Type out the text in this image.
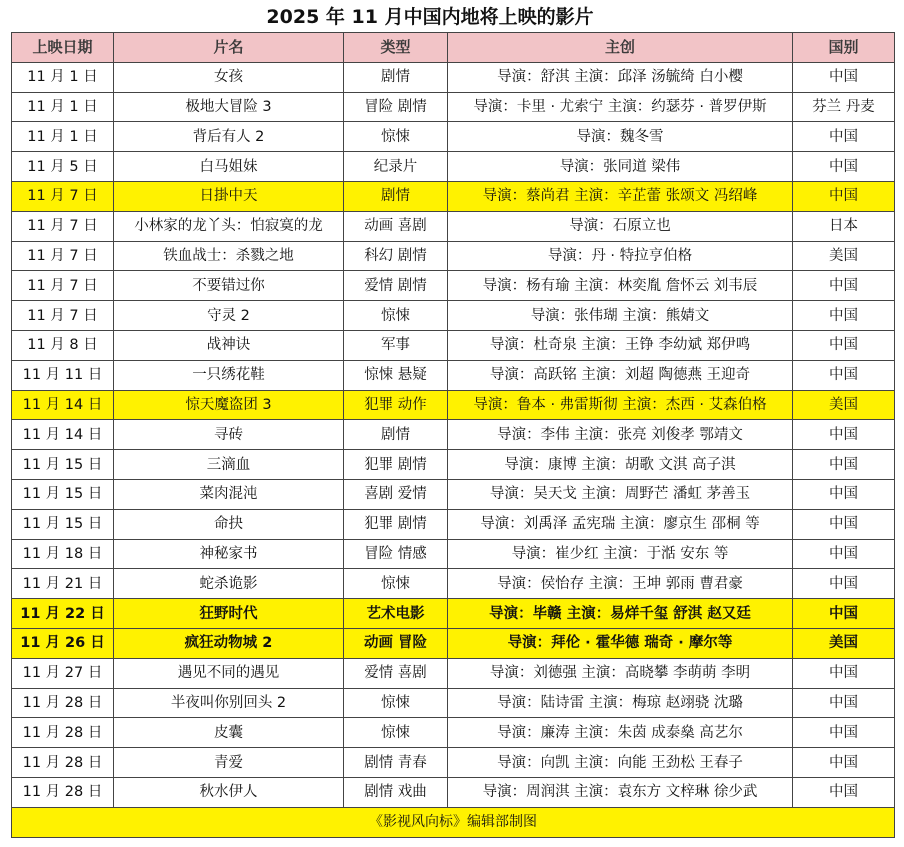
2025 年 11 月中国内地将上映的影片
上映日期	片名	类型	主创	国别
11 月 1 日	女孩	剧情	导演：舒淇 主演：邱泽 汤毓绮 白小樱	中国
11 月 1 日	极地大冒险 3	冒险 剧情	导演：卡里 · 尤索宁 主演：约瑟芬 · 普罗伊斯	芬兰 丹麦
11 月 1 日	背后有人 2	惊悚	导演：魏冬雪	中国
11 月 5 日	白马姐妹	纪录片	导演：张同道 梁伟	中国
11 月 7 日	日掛中天	剧情	导演：蔡尚君 主演：辛芷蕾 张颂文 冯绍峰	中国
11 月 7 日	小林家的龙丫头：怕寂寞的龙	动画 喜剧	导演：石原立也	日本
11 月 7 日	铁血战士：杀戮之地	科幻 剧情	导演：丹 · 特拉亨伯格	美国
11 月 7 日	不要错过你	爱情 剧情	导演：杨有瑜 主演：林奕胤 詹怀云 刘韦辰	中国
11 月 7 日	守灵 2	惊悚	导演：张伟瑚 主演：熊婧文	中国
11 月 8 日	战神诀	军事	导演：杜奇泉 主演：王铮 李幼斌 郑伊鸣	中国
11 月 11 日	一只绣花鞋	惊悚 悬疑	导演：高跃铭 主演：刘超 陶德燕 王迎奇	中国
11 月 14 日	惊天魔盗团 3	犯罪 动作	导演：鲁本 · 弗雷斯彻 主演：杰西 · 艾森伯格	美国
11 月 14 日	寻砖	剧情	导演：李伟 主演：张亮 刘俊孝 鄂靖文	中国
11 月 15 日	三滴血	犯罪 剧情	导演：康博 主演：胡歌 文淇 高子淇	中国
11 月 15 日	菜肉混沌	喜剧 爱情	导演：吴天戈 主演：周野芒 潘虹 茅善玉	中国
11 月 15 日	命抉	犯罪 剧情	导演：刘禹泽 孟宪瑞 主演：廖京生 邵桐 等	中国
11 月 18 日	神秘家书	冒险 情感	导演：崔少红 主演：于湉 安东 等	中国
11 月 21 日	蛇杀诡影	惊悚	导演：侯怡存 主演：王坤 郭雨 曹君豪	中国
11 月 22 日	狂野时代	艺术电影	导演：毕赣 主演：易烊千玺 舒淇 赵又廷	中国
11 月 26 日	疯狂动物城 2	动画 冒险	导演：拜伦 · 霍华德 瑞奇 · 摩尔等	美国
11 月 27 日	遇见不同的遇见	爱情 喜剧	导演：刘德强 主演：高晓攀 李萌萌 李明	中国
11 月 28 日	半夜叫你别回头 2	惊悚	导演：陆诗雷 主演：梅琼 赵翊骁 沈璐	中国
11 月 28 日	皮囊	惊悚	导演：廉涛 主演：朱茵 成泰燊 高艺尔	中国
11 月 28 日	青爱	剧情 青春	导演：向凯 主演：向能 王劲松 王春子	中国
11 月 28 日	秋水伊人	剧情 戏曲	导演：周润淇 主演：袁东方 文梓琳 徐少武	中国
《影视风向标》编辑部制图				
